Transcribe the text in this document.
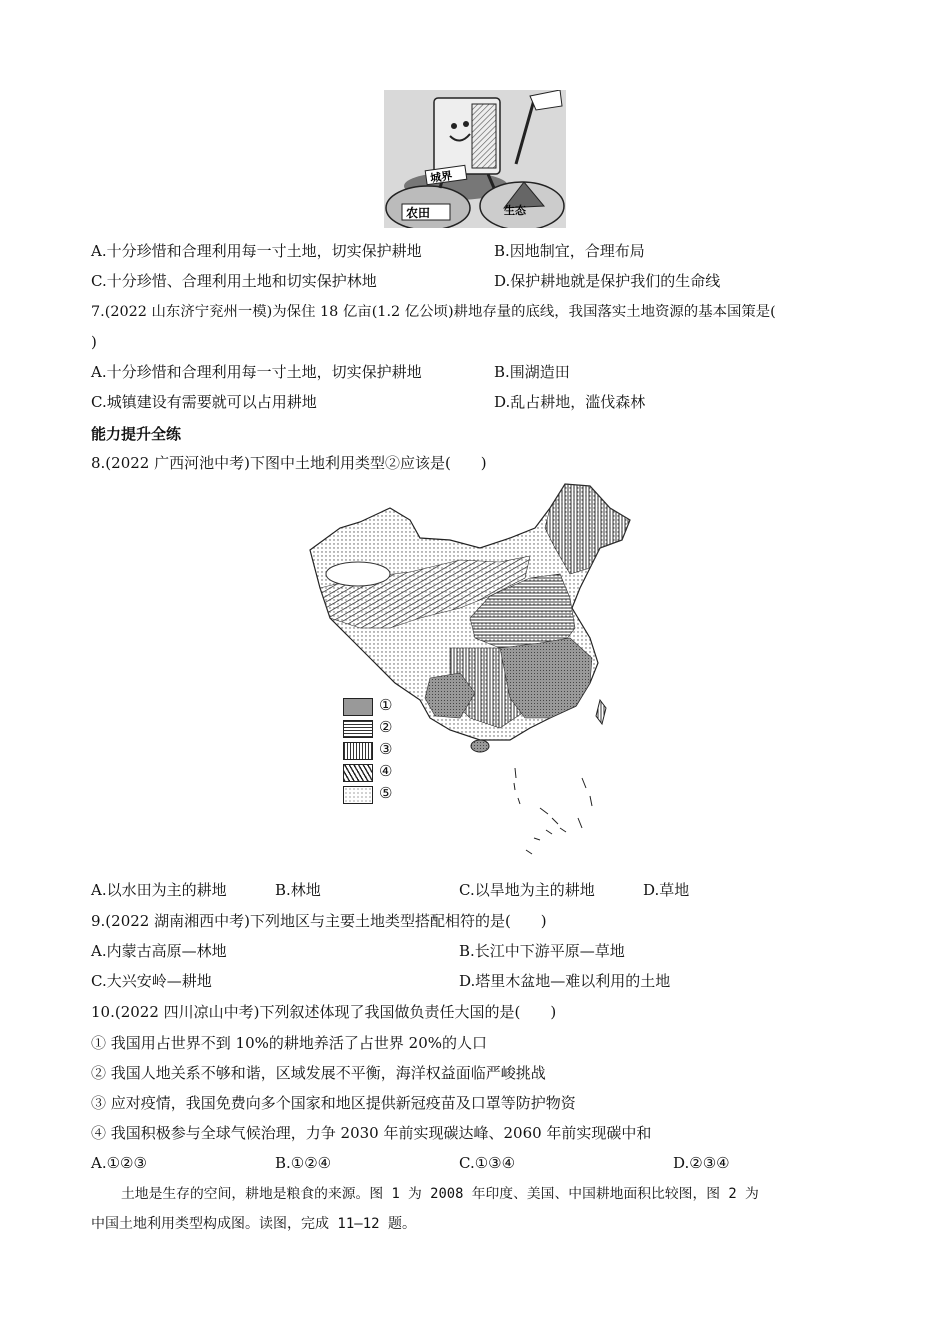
城界
农田	生态
A.十分珍惜和合理利用每一寸土地，切实保护耕地	B.因地制宜，合理布局
C.十分珍惜、合理利用土地和切实保护林地	D.保护耕地就是保护我们的生命线
7.(2022 山东济宁兖州一模)为保住 18 亿亩(1.2 亿公顷)耕地存量的底线，我国落实土地资源的基本国策是(
)
A.十分珍惜和合理利用每一寸土地，切实保护耕地	B.围湖造田
C.城镇建设有需要就可以占用耕地	D.乱占耕地，滥伐森林
能力提升全练
8.(2022 广西河池中考)下图中土地利用类型②应该是(　　)
①
②
③
④
⑤
A.以水田为主的耕地	B.林地	C.以旱地为主的耕地	D.草地
9.(2022 湖南湘西中考)下列地区与主要土地类型搭配相符的是(　　)
A.内蒙古高原—林地	B.长江中下游平原—草地
C.大兴安岭—耕地	D.塔里木盆地—难以利用的土地
10.(2022 四川凉山中考)下列叙述体现了我国做负责任大国的是(　　)
① 我国用占世界不到 10%的耕地养活了占世界 20%的人口
② 我国人地关系不够和谐，区域发展不平衡，海洋权益面临严峻挑战
③ 应对疫情，我国免费向多个国家和地区提供新冠疫苗及口罩等防护物资
④ 我国积极参与全球气候治理，力争 2030 年前实现碳达峰、2060 年前实现碳中和
A.①②③	B.①②④	C.①③④	D.②③④
土地是生存的空间，耕地是粮食的来源。图 1 为 2008 年印度、美国、中国耕地面积比较图，图 2 为
中国土地利用类型构成图。读图，完成 11—12 题。
